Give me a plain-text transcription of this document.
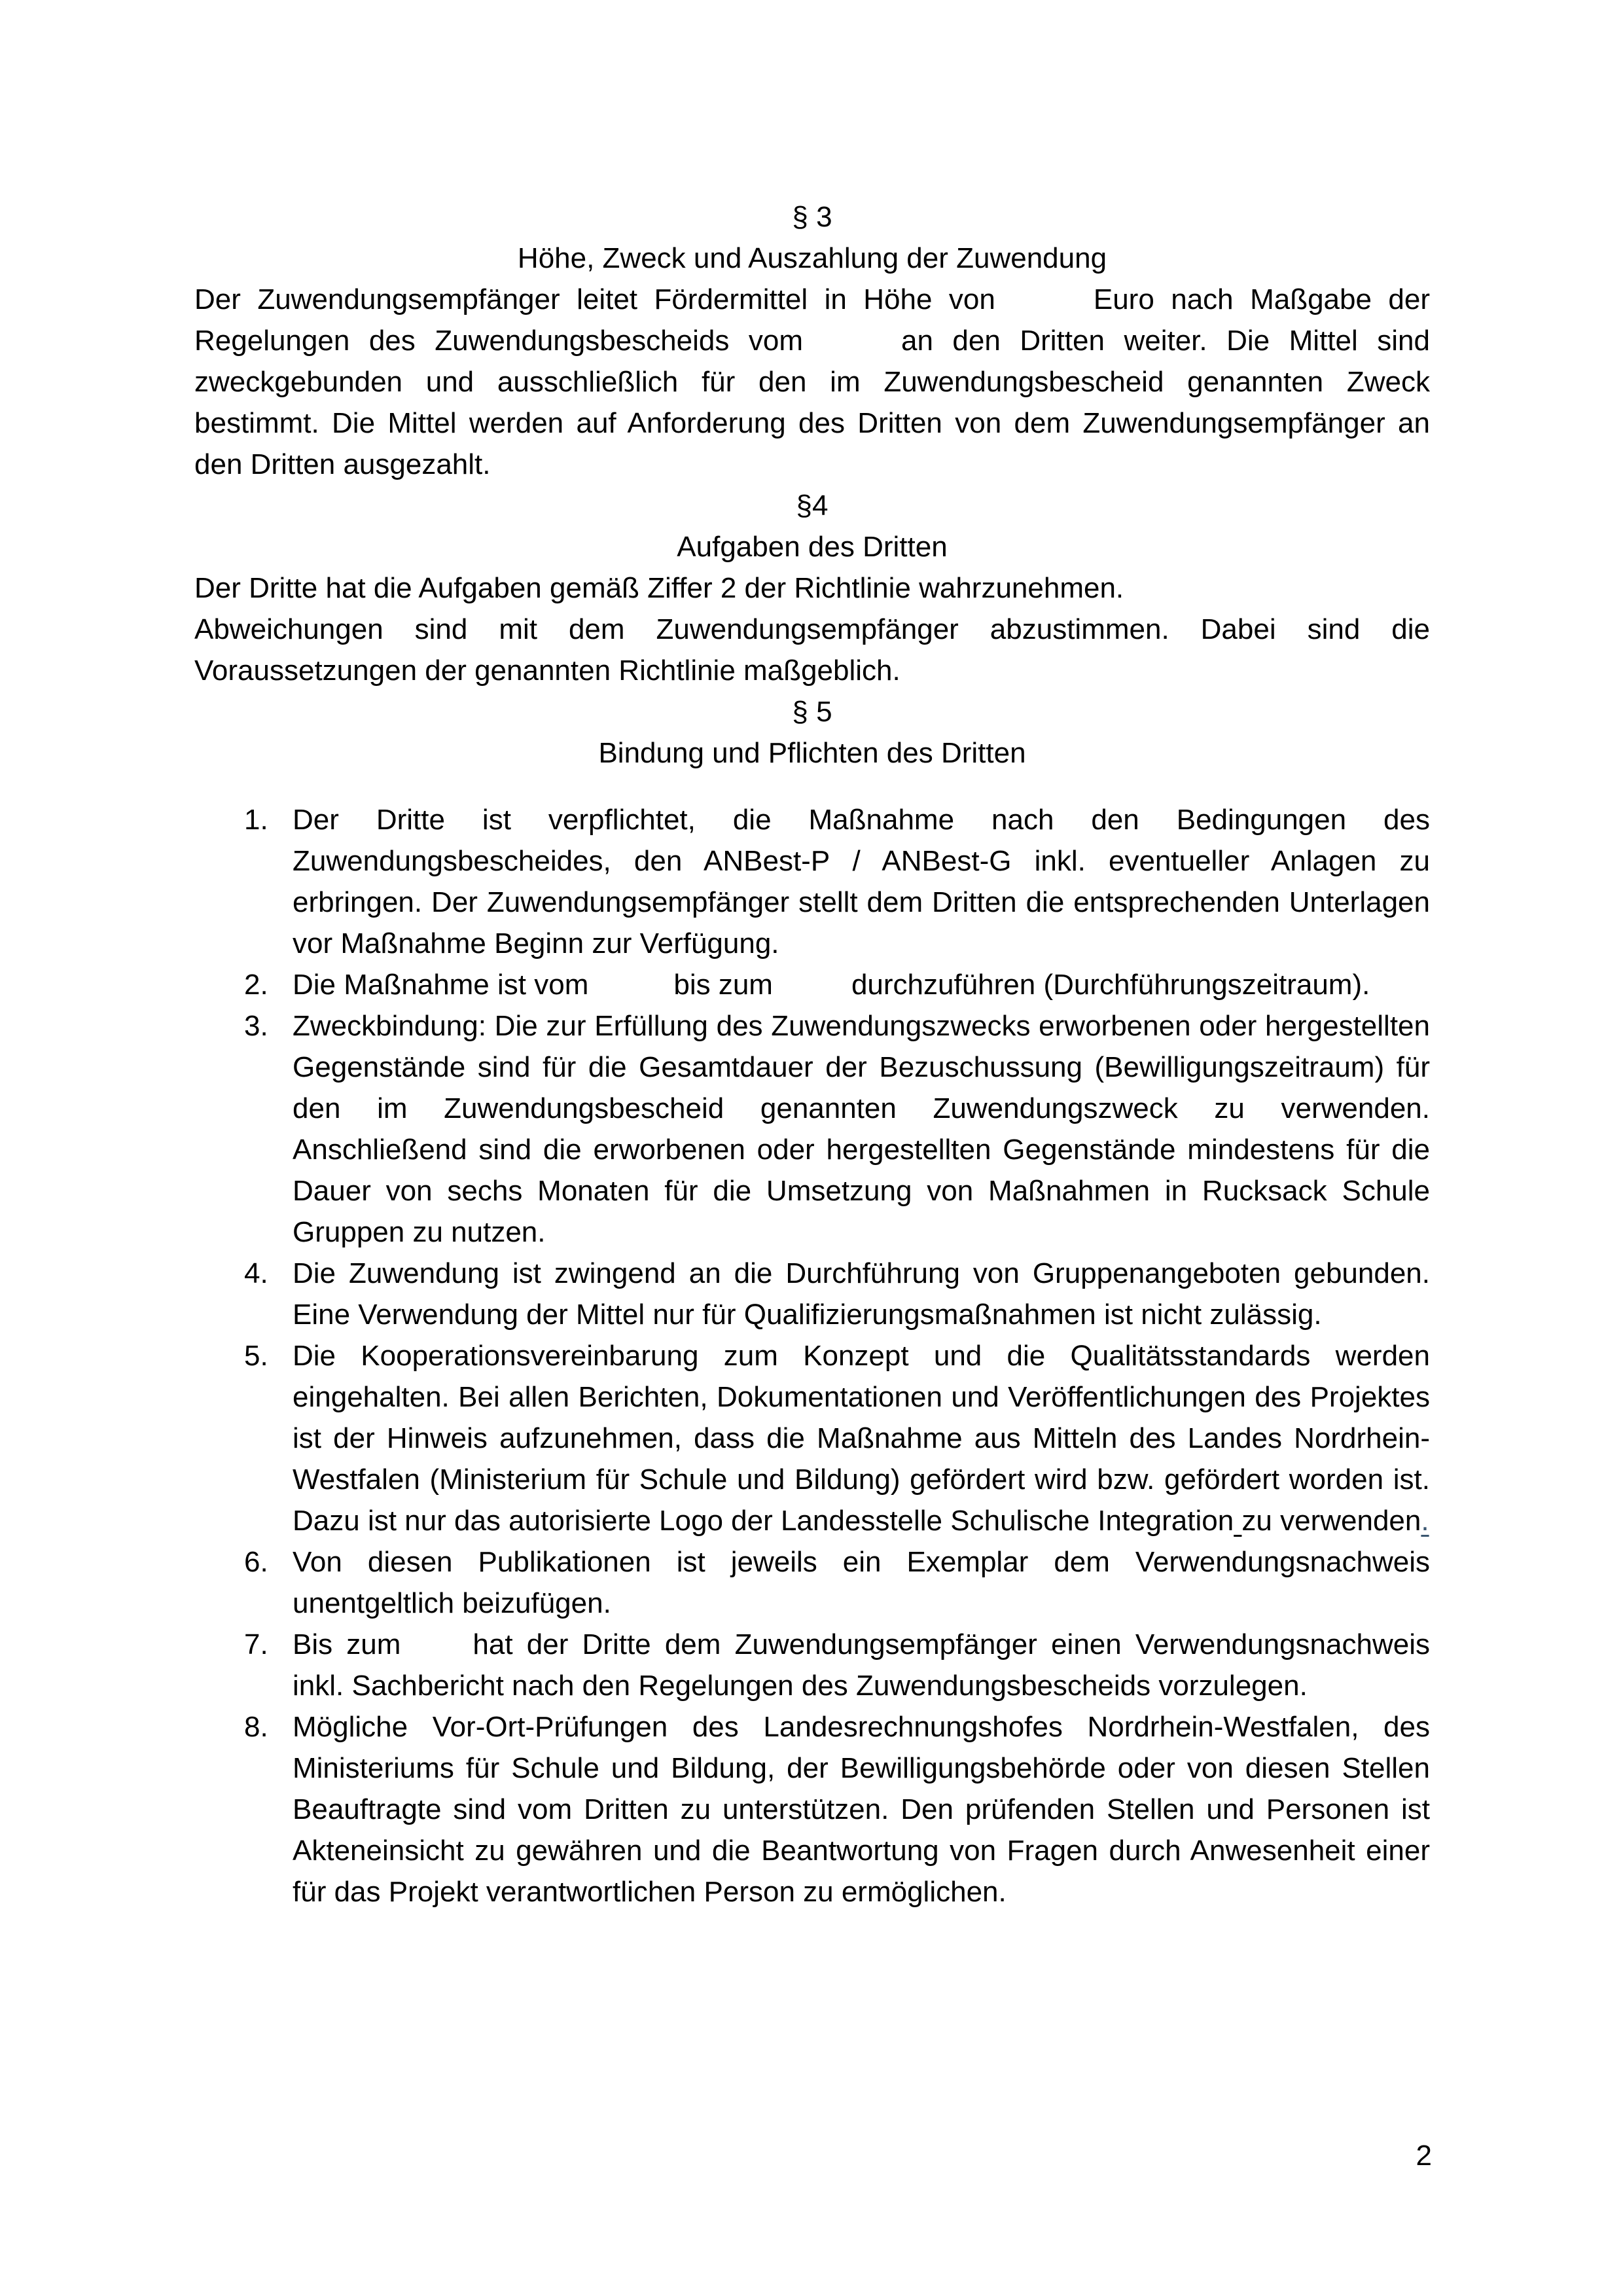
§ 3

Höhe, Zweck und Auszahlung der Zuwendung

Der Zuwendungsempfänger leitet Fördermittel in Höhe von	Euro nach Maßgabe der Regelungen des Zuwendungsbescheids vom	an den Dritten weiter. Die Mittel sind zweckgebunden und ausschließlich für den im Zuwendungsbescheid genannten Zweck bestimmt. Die Mittel werden auf Anforderung des Dritten von dem Zuwendungsempfänger an den Dritten ausgezahlt.

§4

Aufgaben des Dritten

Der Dritte hat die Aufgaben gemäß Ziffer 2 der Richtlinie wahrzunehmen.

Abweichungen sind mit dem Zuwendungsempfänger abzustimmen. Dabei sind die Voraussetzungen der genannten Richtlinie maßgeblich.

§ 5

Bindung und Pflichten des Dritten

1. Der Dritte ist verpflichtet, die Maßnahme nach den Bedingungen des Zuwendungsbescheides, den ANBest-P / ANBest-G inkl. eventueller Anlagen zu erbringen. Der Zuwendungsempfänger stellt dem Dritten die entsprechenden Unterlagen vor Maßnahme Beginn zur Verfügung.
2. Die Maßnahme ist vom	bis zum	durchzuführen (Durchführungszeitraum).
3. Zweckbindung: Die zur Erfüllung des Zuwendungszwecks erworbenen oder hergestellten Gegenstände sind für die Gesamtdauer der Bezuschussung (Bewilligungszeitraum) für den im Zuwendungsbescheid genannten Zuwendungszweck zu verwenden. Anschließend sind die erworbenen oder hergestellten Gegenstände mindestens für die Dauer von sechs Monaten für die Umsetzung von Maßnahmen in Rucksack Schule Gruppen zu nutzen.
4. Die Zuwendung ist zwingend an die Durchführung von Gruppenangeboten gebunden. Eine Verwendung der Mittel nur für Qualifizierungsmaßnahmen ist nicht zulässig.
5. Die Kooperationsvereinbarung zum Konzept und die Qualitätsstandards werden eingehalten. Bei allen Berichten, Dokumentationen und Veröffentlichungen des Projektes ist der Hinweis aufzunehmen, dass die Maßnahme aus Mitteln des Landes Nordrhein-Westfalen (Ministerium für Schule und Bildung) gefördert wird bzw. gefördert worden ist. Dazu ist nur das autorisierte Logo der Landesstelle Schulische Integration zu verwenden.
6. Von diesen Publikationen ist jeweils ein Exemplar dem Verwendungsnachweis unentgeltlich beizufügen.
7. Bis zum	hat der Dritte dem Zuwendungsempfänger einen Verwendungsnachweis inkl. Sachbericht nach den Regelungen des Zuwendungsbescheids vorzulegen.
8. Mögliche Vor-Ort-Prüfungen des Landesrechnungshofes Nordrhein-Westfalen, des Ministeriums für Schule und Bildung, der Bewilligungsbehörde oder von diesen Stellen Beauftragte sind vom Dritten zu unterstützen. Den prüfenden Stellen und Personen ist Akteneinsicht zu gewähren und die Beantwortung von Fragen durch Anwesenheit einer für das Projekt verantwortlichen Person zu ermöglichen.
2
